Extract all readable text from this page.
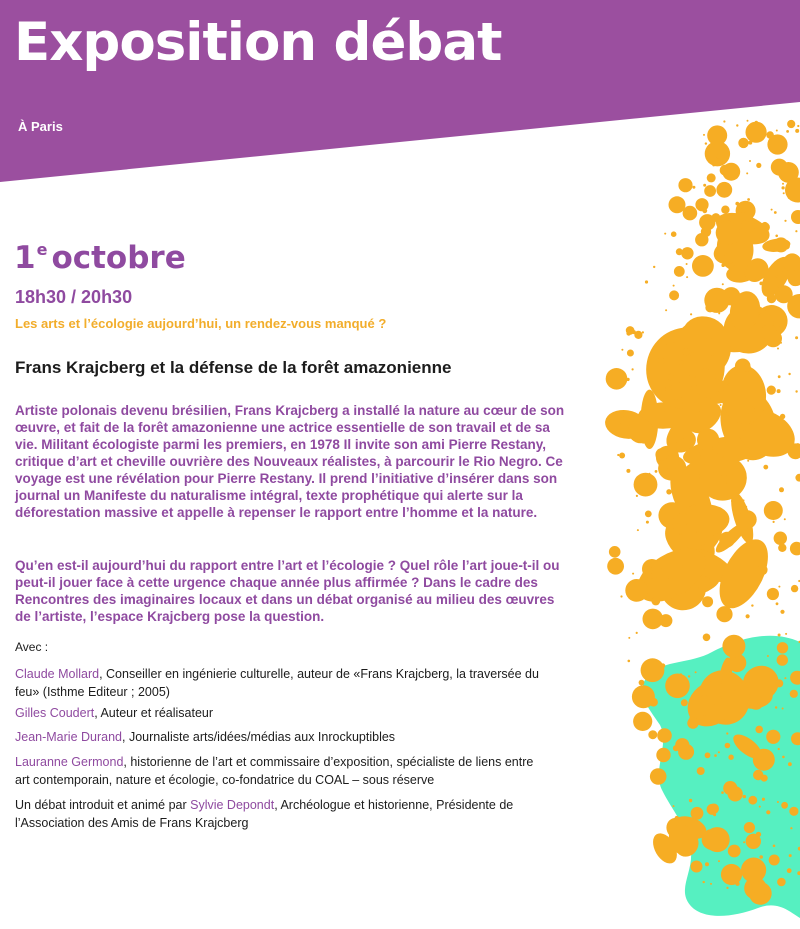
Exposition débat
À Paris
1e octobre
18h30 / 20h30
Les arts et l’écologie aujourd’hui, un rendez-vous manqué ?
Frans Krajcberg et la défense de la forêt amazonienne

Artiste polonais devenu brésilien, Frans Krajcberg a installé la nature au cœur de son œuvre, et fait de la forêt amazonienne une actrice essentielle de son travail et de sa vie. Militant écologiste parmi les premiers, en 1978 Il invite son ami Pierre Restany, critique d’art et cheville ouvrière des Nouveaux réalistes, à parcourir le Rio Negro. Ce voyage est une révélation pour Pierre Restany. Il prend l’initiative d’insérer dans son journal un Manifeste du naturalisme intégral, texte prophétique qui alerte sur la déforestation massive et appelle à repenser le rapport entre l’homme et la nature.

Qu’en est-il aujourd’hui du rapport entre l’art et l’écologie ? Quel rôle l’art joue-t-il ou peut-il jouer face à cette urgence chaque année plus affirmée ? Dans le cadre des Rencontres des imaginaires locaux et dans un débat organisé au milieu des œuvres de l’artiste, l’espace Krajcberg pose la question.

Avec :
Claude Mollard, Conseiller en ingénierie culturelle, auteur de «Frans Krajcberg, la traversée du feu» (Isthme Editeur ; 2005)
Gilles Coudert, Auteur et réalisateur
Jean-Marie Durand, Journaliste arts/idées/médias aux Inrockuptibles
Lauranne Germond, historienne de l’art et commissaire d’exposition, spécialiste de liens entre art contemporain, nature et écologie, co-fondatrice du COAL – sous réserve
Un débat introduit et animé par Sylvie Depondt, Archéologue et historienne, Présidente de l’Association des Amis de Frans Krajcberg
